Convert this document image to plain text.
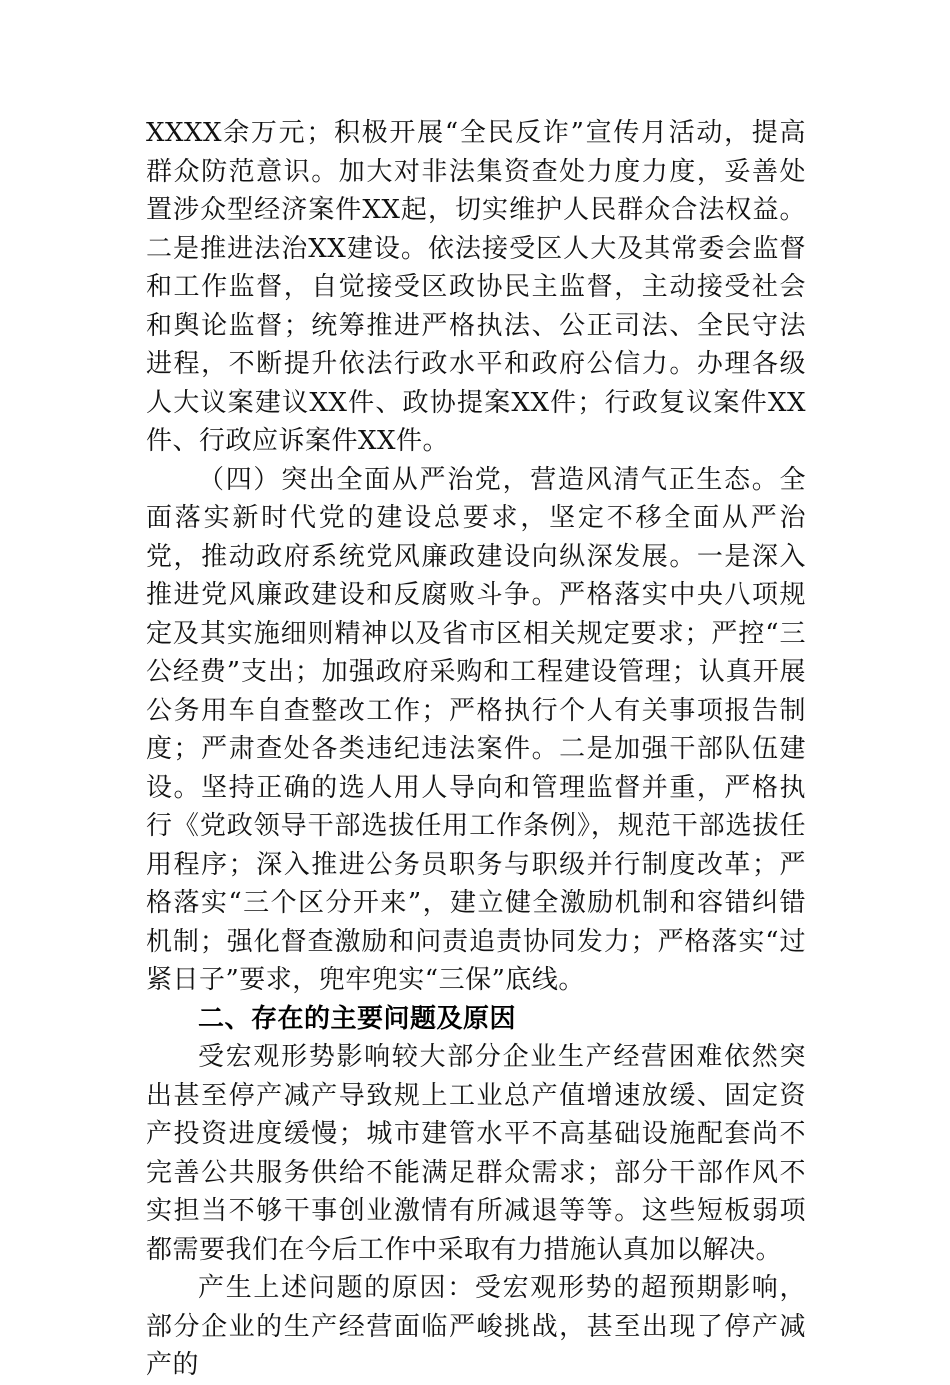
XXXX余万元；积极开展“全民反诈”宣传月活动，提高群众防范意识。加大对非法集资查处力度力度，妥善处置涉众型经济案件XX起，切实维护人民群众合法权益。二是推进法治XX建设。依法接受区人大及其常委会监督和工作监督，自觉接受区政协民主监督，主动接受社会和舆论监督；统筹推进严格执法、公正司法、全民守法进程，不断提升依法行政水平和政府公信力。办理各级人大议案建议XX件、政协提案XX件；行政复议案件XX件、行政应诉案件XX件。

（四）突出全面从严治党，营造风清气正生态。全面落实新时代党的建设总要求，坚定不移全面从严治党，推动政府系统党风廉政建设向纵深发展。一是深入推进党风廉政建设和反腐败斗争。严格落实中央八项规定及其实施细则精神以及省市区相关规定要求；严控“三公经费”支出；加强政府采购和工程建设管理；认真开展公务用车自查整改工作；严格执行个人有关事项报告制度；严肃查处各类违纪违法案件。二是加强干部队伍建设。坚持正确的选人用人导向和管理监督并重，严格执行《党政领导干部选拔任用工作条例》，规范干部选拔任用程序；深入推进公务员职务与职级并行制度改革；严格落实“三个区分开来”，建立健全激励机制和容错纠错机制；强化督查激励和问责追责协同发力；严格落实“过紧日子”要求，兜牢兜实“三保”底线。

二、存在的主要问题及原因

受宏观形势影响较大部分企业生产经营困难依然突出甚至停产减产导致规上工业总产值增速放缓、固定资产投资进度缓慢；城市建管水平不高基础设施配套尚不完善公共服务供给不能满足群众需求；部分干部作风不实担当不够干事创业激情有所减退等等。这些短板弱项都需要我们在今后工作中采取有力措施认真加以解决。

产生上述问题的原因：受宏观形势的超预期影响，部分企业的生产经营面临严峻挑战，甚至出现了停产减产的
